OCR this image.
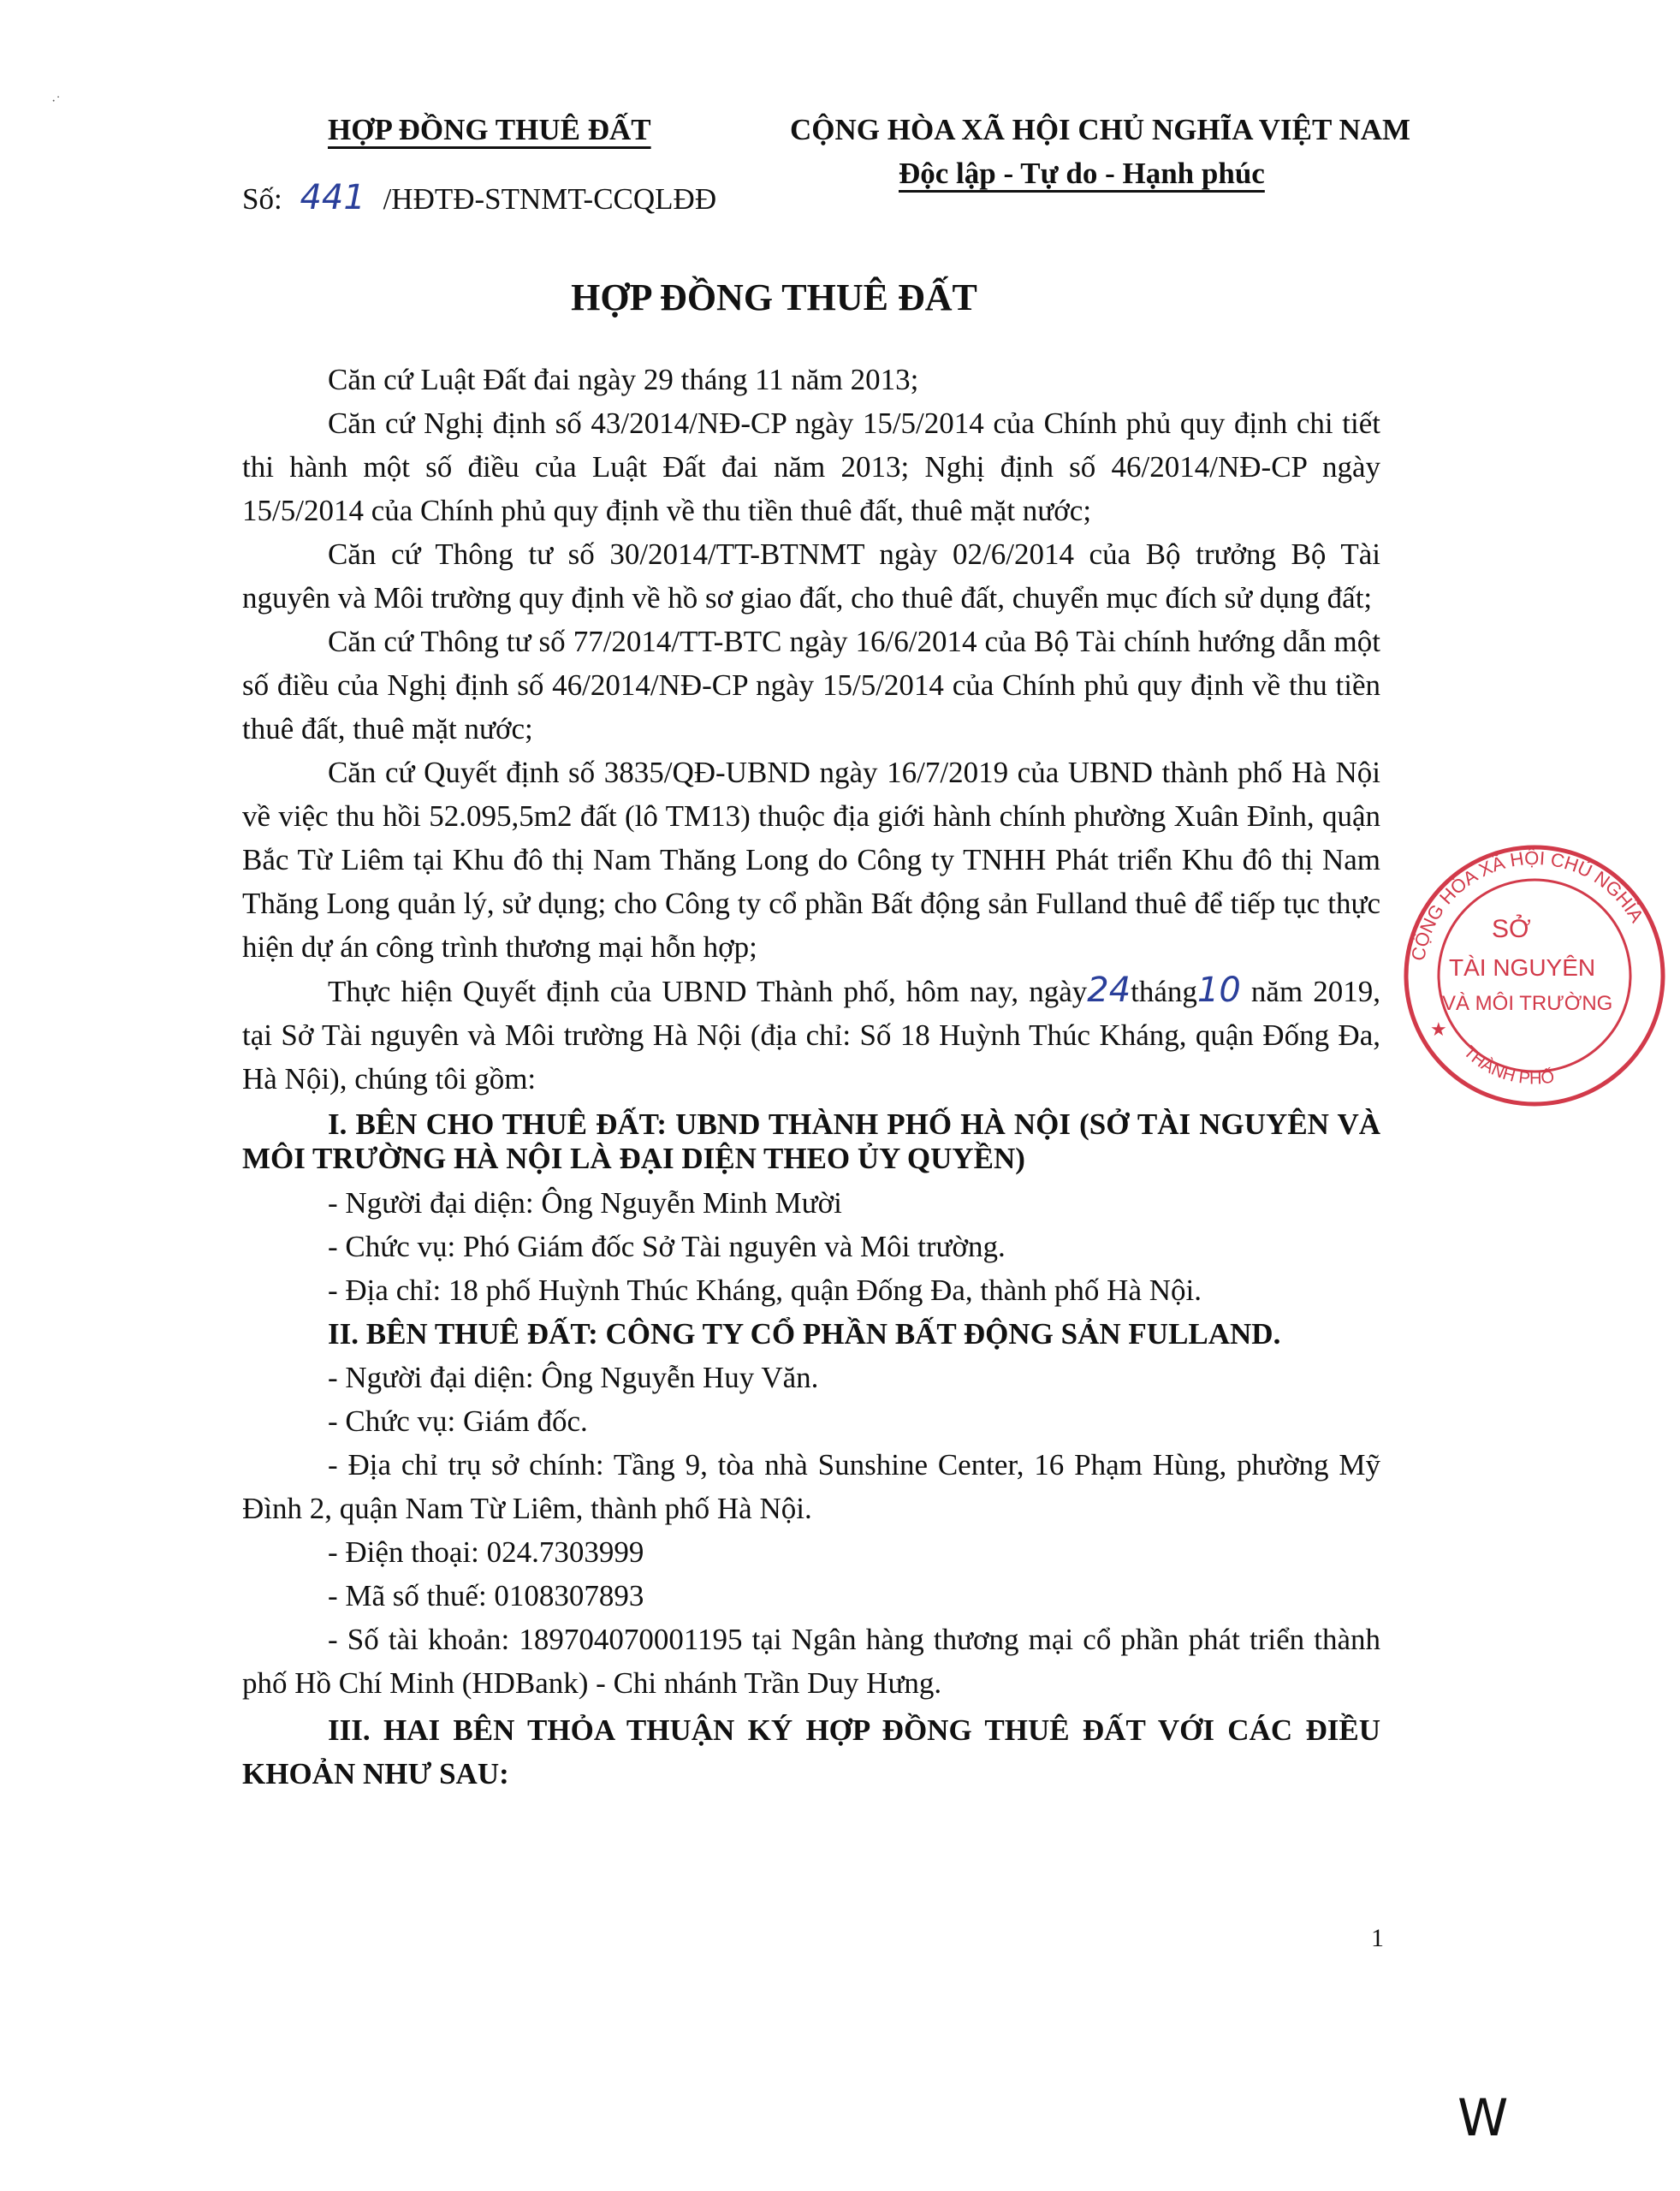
·˙
HỢP ĐỒNG THUÊ ĐẤT
Số: 441 /HĐTĐ-STNMT-CCQLĐĐ
CỘNG HÒA XÃ HỘI CHỦ NGHĨA VIỆT NAM
Độc lập - Tự do - Hạnh phúc
HỢP ĐỒNG THUÊ ĐẤT

Căn cứ Luật Đất đai ngày 29 tháng 11 năm 2013;

Căn cứ Nghị định số 43/2014/NĐ-CP ngày 15/5/2014 của Chính phủ quy định chi tiết thi hành một số điều của Luật Đất đai năm 2013; Nghị định số 46/2014/NĐ-CP ngày 15/5/2014 của Chính phủ quy định về thu tiền thuê đất, thuê mặt nước;

Căn cứ Thông tư số 30/2014/TT-BTNMT ngày 02/6/2014 của Bộ trưởng Bộ Tài nguyên và Môi trường quy định về hồ sơ giao đất, cho thuê đất, chuyển mục đích sử dụng đất;

Căn cứ Thông tư số 77/2014/TT-BTC ngày 16/6/2014 của Bộ Tài chính hướng dẫn một số điều của Nghị định số 46/2014/NĐ-CP ngày 15/5/2014 của Chính phủ quy định về thu tiền thuê đất, thuê mặt nước;

Căn cứ Quyết định số 3835/QĐ-UBND ngày 16/7/2019 của UBND thành phố Hà Nội về việc thu hồi 52.095,5m2 đất (lô TM13) thuộc địa giới hành chính phường Xuân Đỉnh, quận Bắc Từ Liêm tại Khu đô thị Nam Thăng Long do Công ty TNHH Phát triển Khu đô thị Nam Thăng Long quản lý, sử dụng; cho Công ty cổ phần Bất động sản Fulland thuê để tiếp tục thực hiện dự án công trình thương mại hỗn hợp;

Thực hiện Quyết định của UBND Thành phố, hôm nay, ngày24tháng10 năm 2019, tại Sở Tài nguyên và Môi trường Hà Nội (địa chỉ: Số 18 Huỳnh Thúc Kháng, quận Đống Đa, Hà Nội), chúng tôi gồm:

I. BÊN CHO THUÊ ĐẤT: UBND THÀNH PHỐ HÀ NỘI (SỞ TÀI NGUYÊN VÀ MÔI TRƯỜNG HÀ NỘI LÀ ĐẠI DIỆN THEO ỦY QUYỀN)

- Người đại diện: Ông Nguyễn Minh Mười

- Chức vụ: Phó Giám đốc Sở Tài nguyên và Môi trường.

- Địa chỉ: 18 phố Huỳnh Thúc Kháng, quận Đống Đa, thành phố Hà Nội.

II. BÊN THUÊ ĐẤT: CÔNG TY CỔ PHẦN BẤT ĐỘNG SẢN FULLAND.

- Người đại diện: Ông Nguyễn Huy Văn.

- Chức vụ: Giám đốc.

- Địa chỉ trụ sở chính: Tầng 9, tòa nhà Sunshine Center, 16 Phạm Hùng, phường Mỹ Đình 2, quận Nam Từ Liêm, thành phố Hà Nội.

- Điện thoại: 024.7303999

- Mã số thuế: 0108307893

- Số tài khoản: 189704070001195 tại Ngân hàng thương mại cổ phần phát triển thành phố Hồ Chí Minh (HDBank) - Chi nhánh Trần Duy Hưng.

III. HAI BÊN THỎA THUẬN KÝ HỢP ĐỒNG THUÊ ĐẤT VỚI CÁC ĐIỀU KHOẢN NHƯ SAU:

CỘNG HÒA XÃ HỘI CHỦ NGHĨA
THÀNH PHỐ
SỞ
TÀI NGUYÊN
VÀ MÔI TRƯỜNG
★
1
W
